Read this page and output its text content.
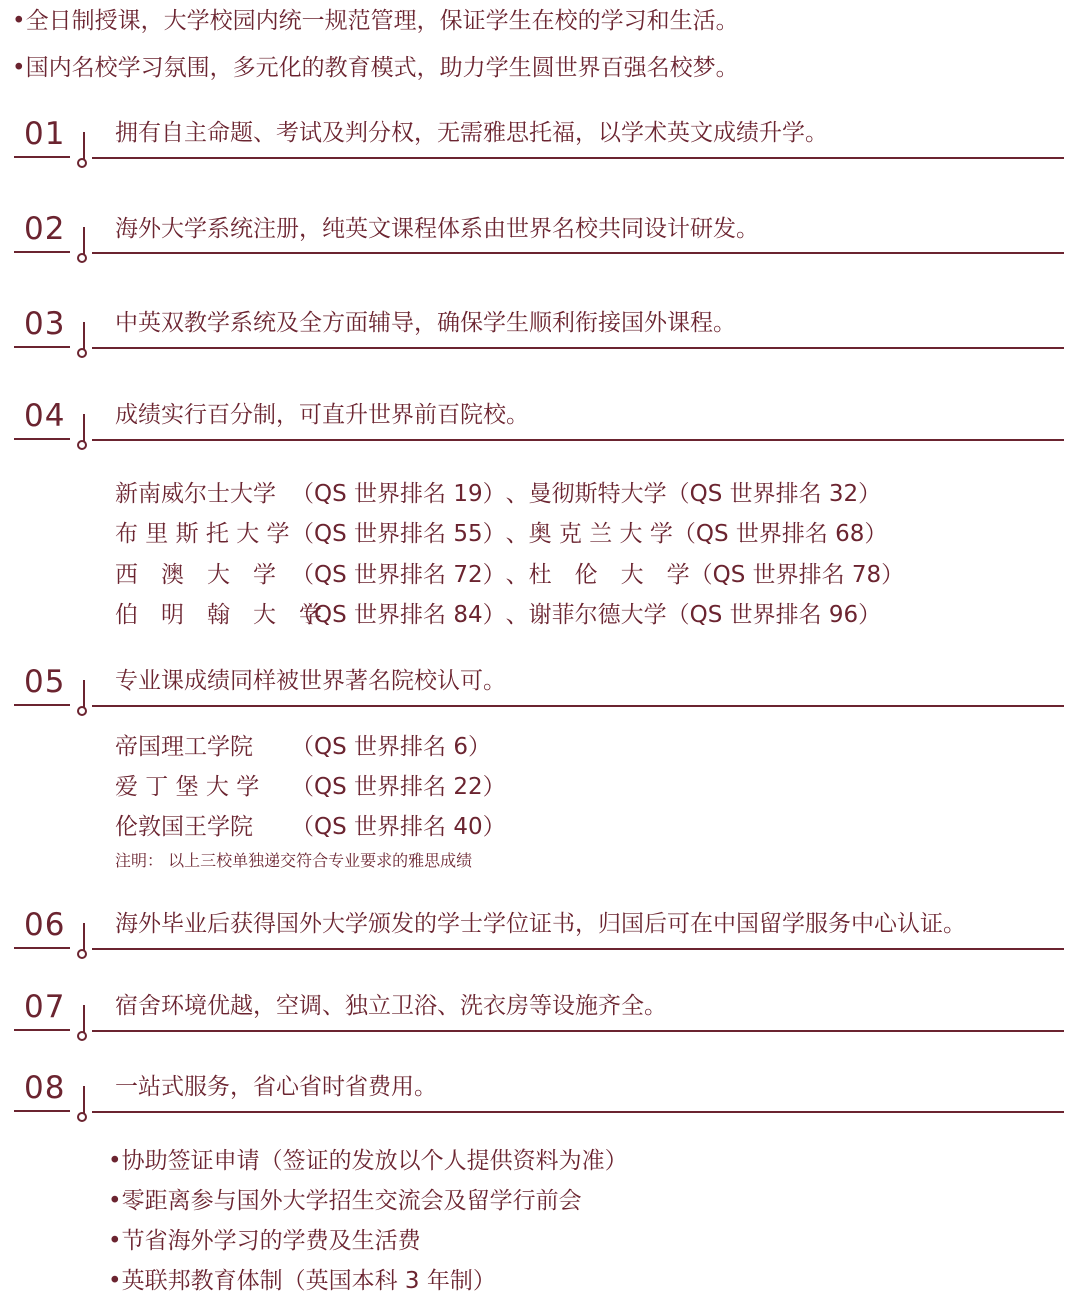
•全日制授课，大学校园内统一规范管理，保证学生在校的学习和生活。
•国内名校学习氛围，多元化的教育模式，助力学生圆世界百强名校梦。
01 拥有自主命题、考试及判分权，无需雅思托福，以学术英文成绩升学。
02 海外大学系统注册，纯英文课程体系由世界名校共同设计研发。
03 中英双教学系统及全方面辅导，确保学生顺利衔接国外课程。
04 成绩实行百分制，可直升世界前百院校。
新南威尔士大学 （QS 世界排名 19）、曼彻斯特大学（QS 世界排名 32）
布 里 斯 托 大 学（QS 世界排名 55）、奥 克 兰 大 学（QS 世界排名 68）
西　澳　大　学 （QS 世界排名 72）、杜　伦　大　学（QS 世界排名 78）
伯　明　翰　大　学（QS 世界排名 84）、谢菲尔德大学（QS 世界排名 96）
05 专业课成绩同样被世界著名院校认可。
帝国理工学院 （QS 世界排名 6）
爱 丁 堡 大 学 （QS 世界排名 22）
伦敦国王学院 （QS 世界排名 40）
注明： 以上三校单独递交符合专业要求的雅思成绩
06 海外毕业后获得国外大学颁发的学士学位证书，归国后可在中国留学服务中心认证。
07 宿舍环境优越，空调、独立卫浴、洗衣房等设施齐全。
08 一站式服务，省心省时省费用。
•协助签证申请（签证的发放以个人提供资料为准）
•零距离参与国外大学招生交流会及留学行前会
•节省海外学习的学费及生活费
•英联邦教育体制（英国本科 3 年制）
